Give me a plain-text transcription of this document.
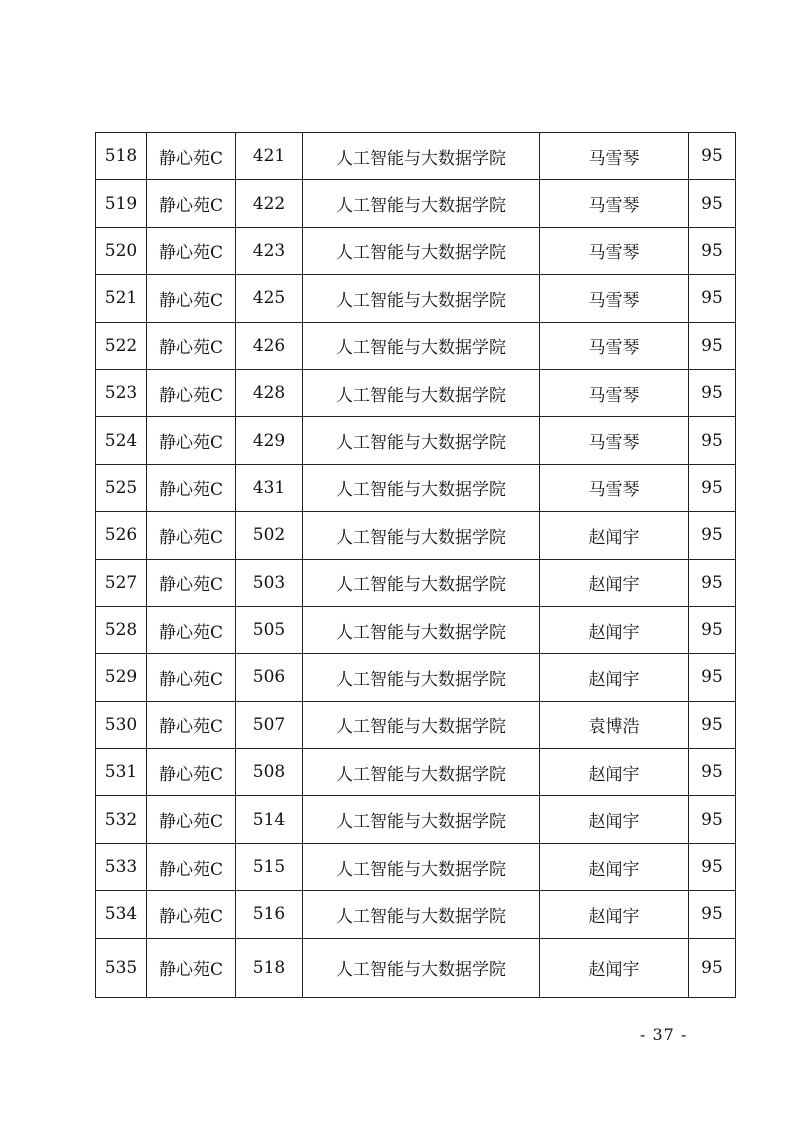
518	静心苑C	421	人工智能与大数据学院	马雪琴	95
519	静心苑C	422	人工智能与大数据学院	马雪琴	95
520	静心苑C	423	人工智能与大数据学院	马雪琴	95
521	静心苑C	425	人工智能与大数据学院	马雪琴	95
522	静心苑C	426	人工智能与大数据学院	马雪琴	95
523	静心苑C	428	人工智能与大数据学院	马雪琴	95
524	静心苑C	429	人工智能与大数据学院	马雪琴	95
525	静心苑C	431	人工智能与大数据学院	马雪琴	95
526	静心苑C	502	人工智能与大数据学院	赵闻宇	95
527	静心苑C	503	人工智能与大数据学院	赵闻宇	95
528	静心苑C	505	人工智能与大数据学院	赵闻宇	95
529	静心苑C	506	人工智能与大数据学院	赵闻宇	95
530	静心苑C	507	人工智能与大数据学院	袁博浩	95
531	静心苑C	508	人工智能与大数据学院	赵闻宇	95
532	静心苑C	514	人工智能与大数据学院	赵闻宇	95
533	静心苑C	515	人工智能与大数据学院	赵闻宇	95
534	静心苑C	516	人工智能与大数据学院	赵闻宇	95
535	静心苑C	518	人工智能与大数据学院	赵闻宇	95
- 37 -
